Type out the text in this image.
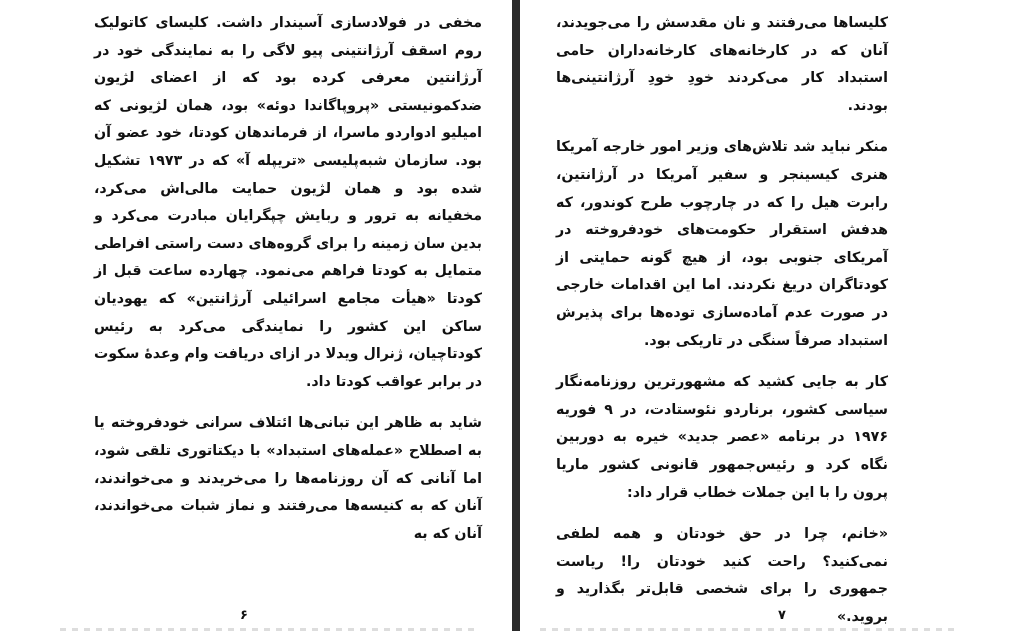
مخفی در فولادسازی آسیندار داشت. کلیسای کاتولیک روم اسقف آرژانتینی پیو لاگی را به نمایندگی خود در آرژانتین معرفی کرده بود که از اعضای لژیون ضدکمونیستی «پروپاگاندا دوئه» بود، همان لژیونی که امیلیو ادواردو ماسرا، از فرماندهان کودتا، خود عضو آن بود. سازمان شبه‌پلیسی «تریپله آ» که در ۱۹۷۳ تشکیل شده بود و همان لژیون حمایت مالی‌اش می‌کرد، مخفیانه به ترور و ربایش چپگرایان مبادرت می‌کرد و بدین سان زمینه را برای گروه‌های دست راستی افراطی متمایل به کودتا فراهم می‌نمود. چهارده ساعت قبل از کودتا «هیأت مجامع اسرائیلی آرژانتین» که یهودیان ساکن این کشور را نمایندگی می‌کرد به رئیس کودتاچیان، ژنرال ویدلا در ازای دریافت وام وعدهٔ سکوت در برابر عواقب کودتا داد.

شاید به ظاهر این تبانی‌ها ائتلاف سرانی خودفروخته یا به اصطلاح «عمله‌های استبداد» با دیکتاتوری تلقی شود، اما آنانی که آن روزنامه‌ها را می‌خریدند و می‌خواندند، آنان که به کنیسه‌ها می‌رفتند و نماز شبات می‌خواندند، آنان که به

۶

کلیساها می‌رفتند و نان مقدسش را می‌جویدند، آنان که در کارخانه‌های کارخانه‌داران حامی استبداد کار می‌کردند خودِ خودِ آرژانتینی‌ها بودند.

منکر نباید شد تلاش‌های وزیر امور خارجه آمریکا هنری کیسینجر و سفیر آمریکا در آرژانتین، رابرت هیل را که در چارچوب طرح کوندور، که هدفش استقرار حکومت‌های خودفروخته در آمریکای جنوبی بود، از هیچ گونه حمایتی از کودتاگران دریغ نکردند. اما این اقدامات خارجی در صورت عدم آماده‌سازی توده‌ها برای پذیرش استبداد صرفاً سنگی در تاریکی بود.

کار به جایی کشید که مشهورترین روزنامه‌نگار سیاسی کشور، برناردو نئوستادت، در ۹ فوریه ۱۹۷۶ در برنامه «عصر جدید» خیره به دوربین نگاه کرد و رئیس‌جمهور قانونی کشور ماریا پرون را با این جملات خطاب قرار داد:

«خانم، چرا در حق خودتان و همه لطفی نمی‌کنید؟ راحت کنید خودتان را! ریاست جمهوری را برای شخصی قابل‌تر بگذارید و بروید.»

۷
